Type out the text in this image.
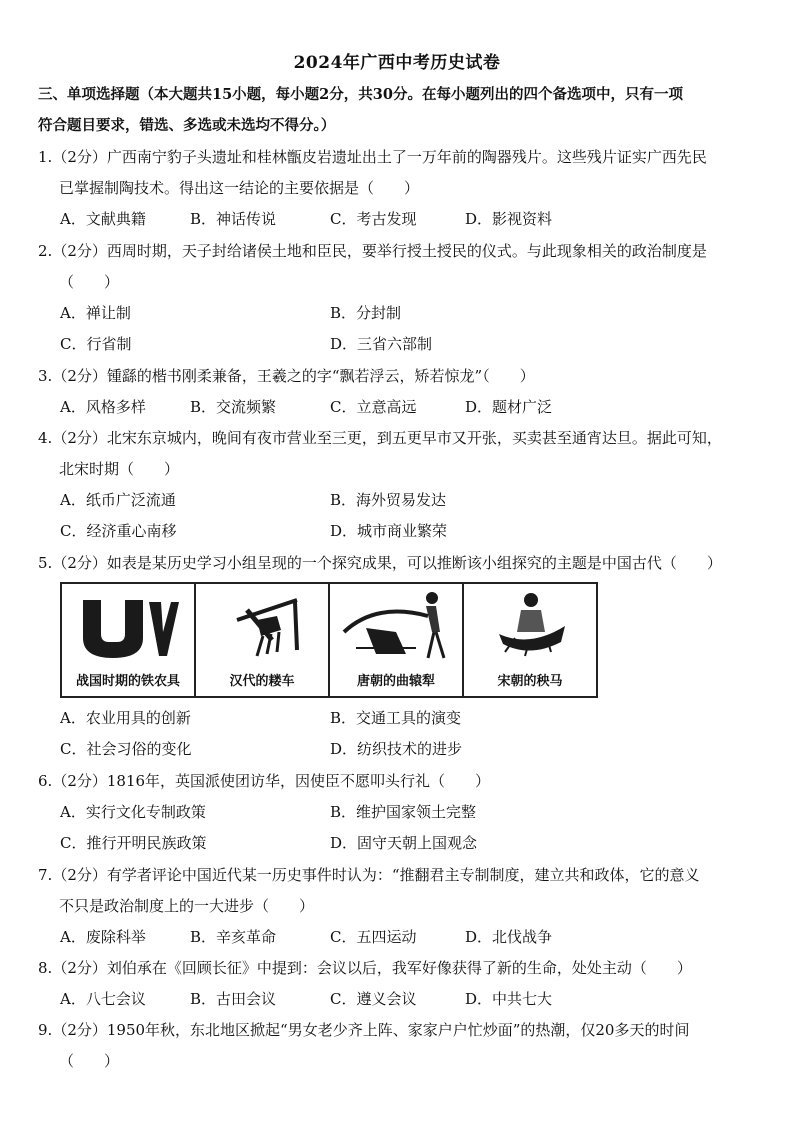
2024年广西中考历史试卷
三、单项选择题（本大题共15小题，每小题2分，共30分。在每小题列出的四个备选项中，只有一项
符合题目要求，错选、多选或未选均不得分。）
1.（2分）广西南宁豹子头遗址和桂林甑皮岩遗址出土了一万年前的陶器残片。这些残片证实广西先民
已掌握制陶技术。得出这一结论的主要依据是（　　）
A．文献典籍	B．神话传说	C．考古发现	D．影视资料
2.（2分）西周时期，天子封给诸侯土地和臣民，要举行授土授民的仪式。与此现象相关的政治制度是
（　　）
A．禅让制	B．分封制
C．行省制	D．三省六部制
3.（2分）锺繇的楷书刚柔兼备，王羲之的字“飘若浮云，矫若惊龙”（　　）
A．风格多样	B．交流频繁	C．立意高远	D．题材广泛
4.（2分）北宋东京城内，晚间有夜市营业至三更，到五更早市又开张，买卖甚至通宵达旦。据此可知，
北宋时期（　　）
A．纸币广泛流通	B．海外贸易发达
C．经济重心南移	D．城市商业繁荣
5.（2分）如表是某历史学习小组呈现的一个探究成果，可以推断该小组探究的主题是中国古代（　　）
战国时期的铁农具	汉代的耧车	唐朝的曲辕犁	宋朝的秧马
A．农业用具的创新	B．交通工具的演变
C．社会习俗的变化	D．纺织技术的进步
6.（2分）1816年，英国派使团访华，因使臣不愿叩头行礼（　　）
A．实行文化专制政策	B．维护国家领土完整
C．推行开明民族政策	D．固守天朝上国观念
7.（2分）有学者评论中国近代某一历史事件时认为：“推翻君主专制制度，建立共和政体，它的意义
不只是政治制度上的一大进步（　　）
A．废除科举	B．辛亥革命	C．五四运动	D．北伐战争
8.（2分）刘伯承在《回顾长征》中提到：会议以后，我军好像获得了新的生命，处处主动（　　）
A．八七会议	B．古田会议	C．遵义会议	D．中共七大
9.（2分）1950年秋，东北地区掀起“男女老少齐上阵、家家户户忙炒面”的热潮，仅20多天的时间
（　　）
